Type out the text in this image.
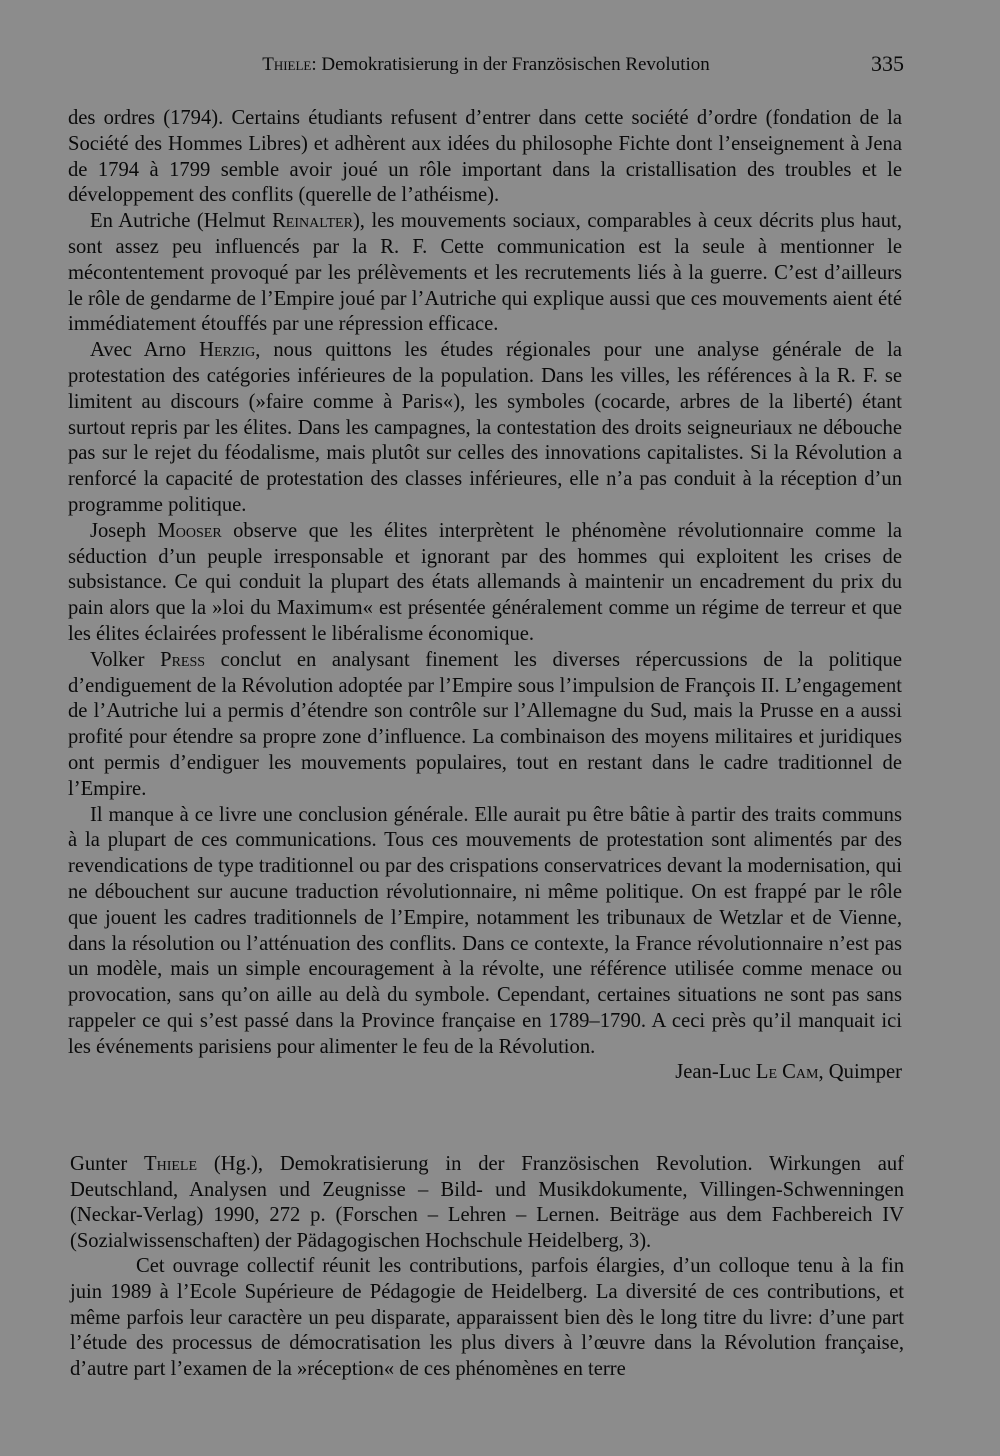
Thiele: Demokratisierung in der Französischen Revolution	335

des ordres (1794). Certains étudiants refusent d’entrer dans cette société d’ordre (fondation de la Société des Hommes Libres) et adhèrent aux idées du philosophe Fichte dont l’enseignement à Jena de 1794 à 1799 semble avoir joué un rôle important dans la cristallisation des troubles et le développement des conflits (querelle de l’athéisme).

En Autriche (Helmut Reinalter), les mouvements sociaux, comparables à ceux décrits plus haut, sont assez peu influencés par la R. F. Cette communication est la seule à mentionner le mécontentement provoqué par les prélèvements et les recrutements liés à la guerre. C’est d’ailleurs le rôle de gendarme de l’Empire joué par l’Autriche qui explique aussi que ces mouvements aient été immédiatement étouffés par une répression efficace.

Avec Arno Herzig, nous quittons les études régionales pour une analyse générale de la protestation des catégories inférieures de la population. Dans les villes, les références à la R. F. se limitent au discours (»faire comme à Paris«), les symboles (cocarde, arbres de la liberté) étant surtout repris par les élites. Dans les campagnes, la contestation des droits seigneuriaux ne débouche pas sur le rejet du féodalisme, mais plutôt sur celles des innovations capitalistes. Si la Révolution a renforcé la capacité de protestation des classes inférieures, elle n’a pas conduit à la réception d’un programme politique.

Joseph Mooser observe que les élites interprètent le phénomène révolutionnaire comme la séduction d’un peuple irresponsable et ignorant par des hommes qui exploitent les crises de subsistance. Ce qui conduit la plupart des états allemands à maintenir un encadrement du prix du pain alors que la »loi du Maximum« est présentée généralement comme un régime de terreur et que les élites éclairées professent le libéralisme économique.

Volker Press conclut en analysant finement les diverses répercussions de la politique d’endiguement de la Révolution adoptée par l’Empire sous l’impulsion de François II. L’engagement de l’Autriche lui a permis d’étendre son contrôle sur l’Allemagne du Sud, mais la Prusse en a aussi profité pour étendre sa propre zone d’influence. La combinaison des moyens militaires et juridiques ont permis d’endiguer les mouvements populaires, tout en restant dans le cadre traditionnel de l’Empire.

Il manque à ce livre une conclusion générale. Elle aurait pu être bâtie à partir des traits communs à la plupart de ces communications. Tous ces mouvements de protestation sont alimentés par des revendications de type traditionnel ou par des crispations conservatrices devant la modernisation, qui ne débouchent sur aucune traduction révolutionnaire, ni même politique. On est frappé par le rôle que jouent les cadres traditionnels de l’Empire, notamment les tribunaux de Wetzlar et de Vienne, dans la résolution ou l’atténuation des conflits. Dans ce contexte, la France révolutionnaire n’est pas un modèle, mais un simple encouragement à la révolte, une référence utilisée comme menace ou provocation, sans qu’on aille au delà du symbole. Cependant, certaines situations ne sont pas sans rappeler ce qui s’est passé dans la Province française en 1789–1790. A ceci près qu’il manquait ici les événements parisiens pour alimenter le feu de la Révolution.

Jean-Luc Le Cam, Quimper

Gunter Thiele (Hg.), Demokratisierung in der Französischen Revolution. Wirkungen auf Deutschland, Analysen und Zeugnisse – Bild- und Musikdokumente, Villingen-Schwenningen (Neckar-Verlag) 1990, 272 p. (Forschen – Lehren – Lernen. Beiträge aus dem Fachbereich IV (Sozialwissenschaften) der Pädagogischen Hochschule Heidelberg, 3).

Cet ouvrage collectif réunit les contributions, parfois élargies, d’un colloque tenu à la fin juin 1989 à l’Ecole Supérieure de Pédagogie de Heidelberg. La diversité de ces contributions, et même parfois leur caractère un peu disparate, apparaissent bien dès le long titre du livre: d’une part l’étude des processus de démocratisation les plus divers à l’œuvre dans la Révolution française, d’autre part l’examen de la »réception« de ces phénomènes en terre
